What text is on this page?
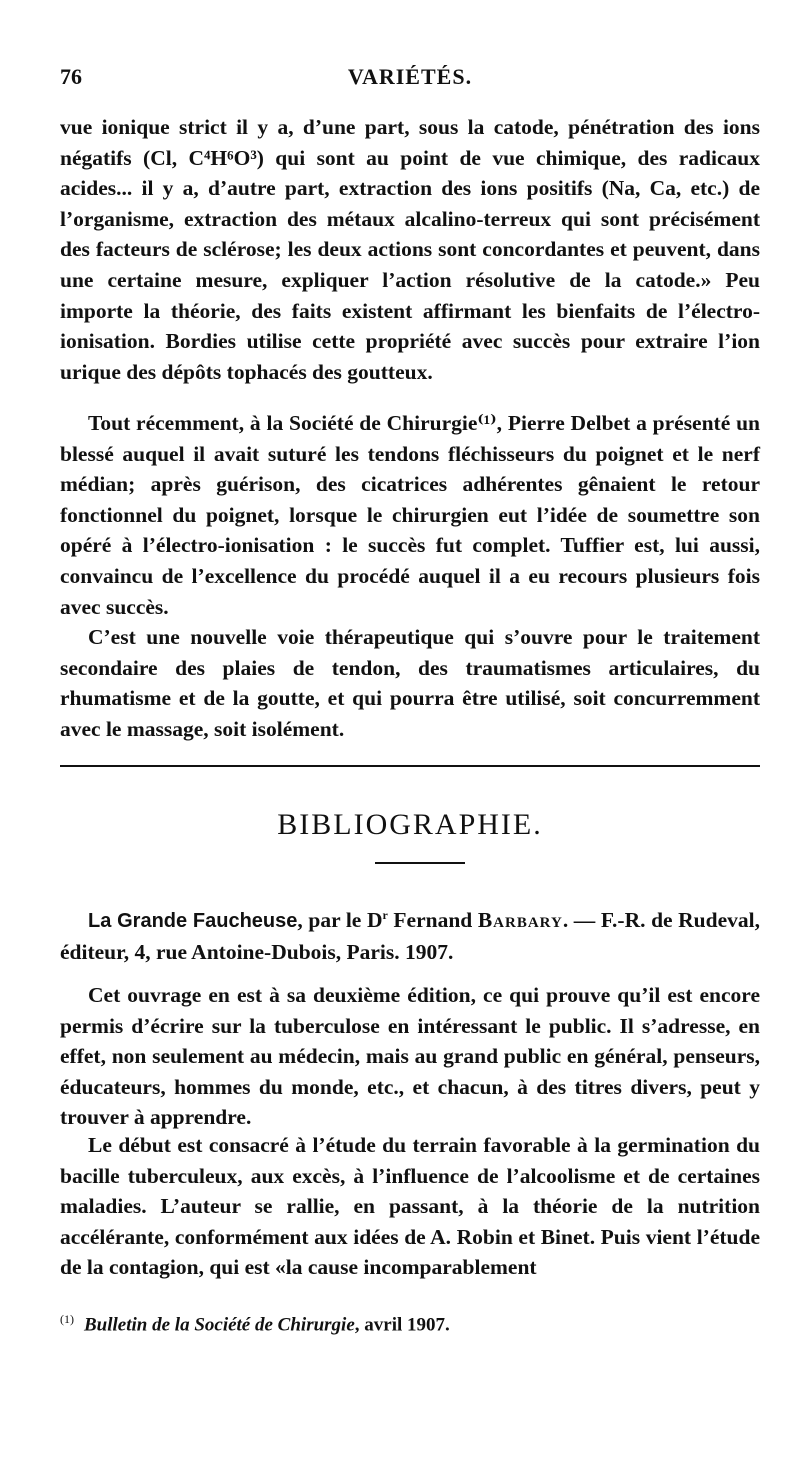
76	VARIÉTÉS.
vue ionique strict il y a, d’une part, sous la catode, pénétration des ions négatifs (Cl, C⁴H⁶O³) qui sont au point de vue chimique, des radicaux acides... il y a, d’autre part, extraction des ions positifs (Na, Ca, etc.) de l’organisme, extraction des métaux alcalino-terreux qui sont précisément des facteurs de sclérose; les deux actions sont concordantes et peuvent, dans une certaine mesure, expliquer l’action résolutive de la catode.» Peu importe la théorie, des faits existent affirmant les bienfaits de l’électro-ionisation. Bordies utilise cette propriété avec succès pour extraire l’ion urique des dépôts tophacés des goutteux.
Tout récemment, à la Société de Chirurgie⁽¹⁾, Pierre Delbet a présenté un blessé auquel il avait suturé les tendons fléchisseurs du poignet et le nerf médian; après guérison, des cicatrices adhérentes gênaient le retour fonctionnel du poignet, lorsque le chirurgien eut l’idée de soumettre son opéré à l’électro-ionisation : le succès fut complet. Tuffier est, lui aussi, convaincu de l’excellence du procédé auquel il a eu recours plusieurs fois avec succès.
C’est une nouvelle voie thérapeutique qui s’ouvre pour le traitement secondaire des plaies de tendon, des traumatismes articulaires, du rhumatisme et de la goutte, et qui pourra être utilisé, soit concurremment avec le massage, soit isolément.
BIBLIOGRAPHIE.
La Grande Faucheuse, par le $D^r$ Fernand Barbary. — F.-R. de Rudeval, éditeur, 4, rue Antoine-Dubois, Paris. 1907.
Cet ouvrage en est à sa deuxième édition, ce qui prouve qu’il est encore permis d’écrire sur la tuberculose en intéressant le public. Il s’adresse, en effet, non seulement au médecin, mais au grand public en général, penseurs, éducateurs, hommes du monde, etc., et chacun, à des titres divers, peut y trouver à apprendre.
Le début est consacré à l’étude du terrain favorable à la germination du bacille tuberculeux, aux excès, à l’influence de l’alcoolisme et de certaines maladies. L’auteur se rallie, en passant, à la théorie de la nutrition accélérante, conformément aux idées de A. Robin et Binet. Puis vient l’étude de la contagion, qui est «la cause incomparablement
$^{(1)}$ Bulletin de la Société de Chirurgie, avril 1907.
